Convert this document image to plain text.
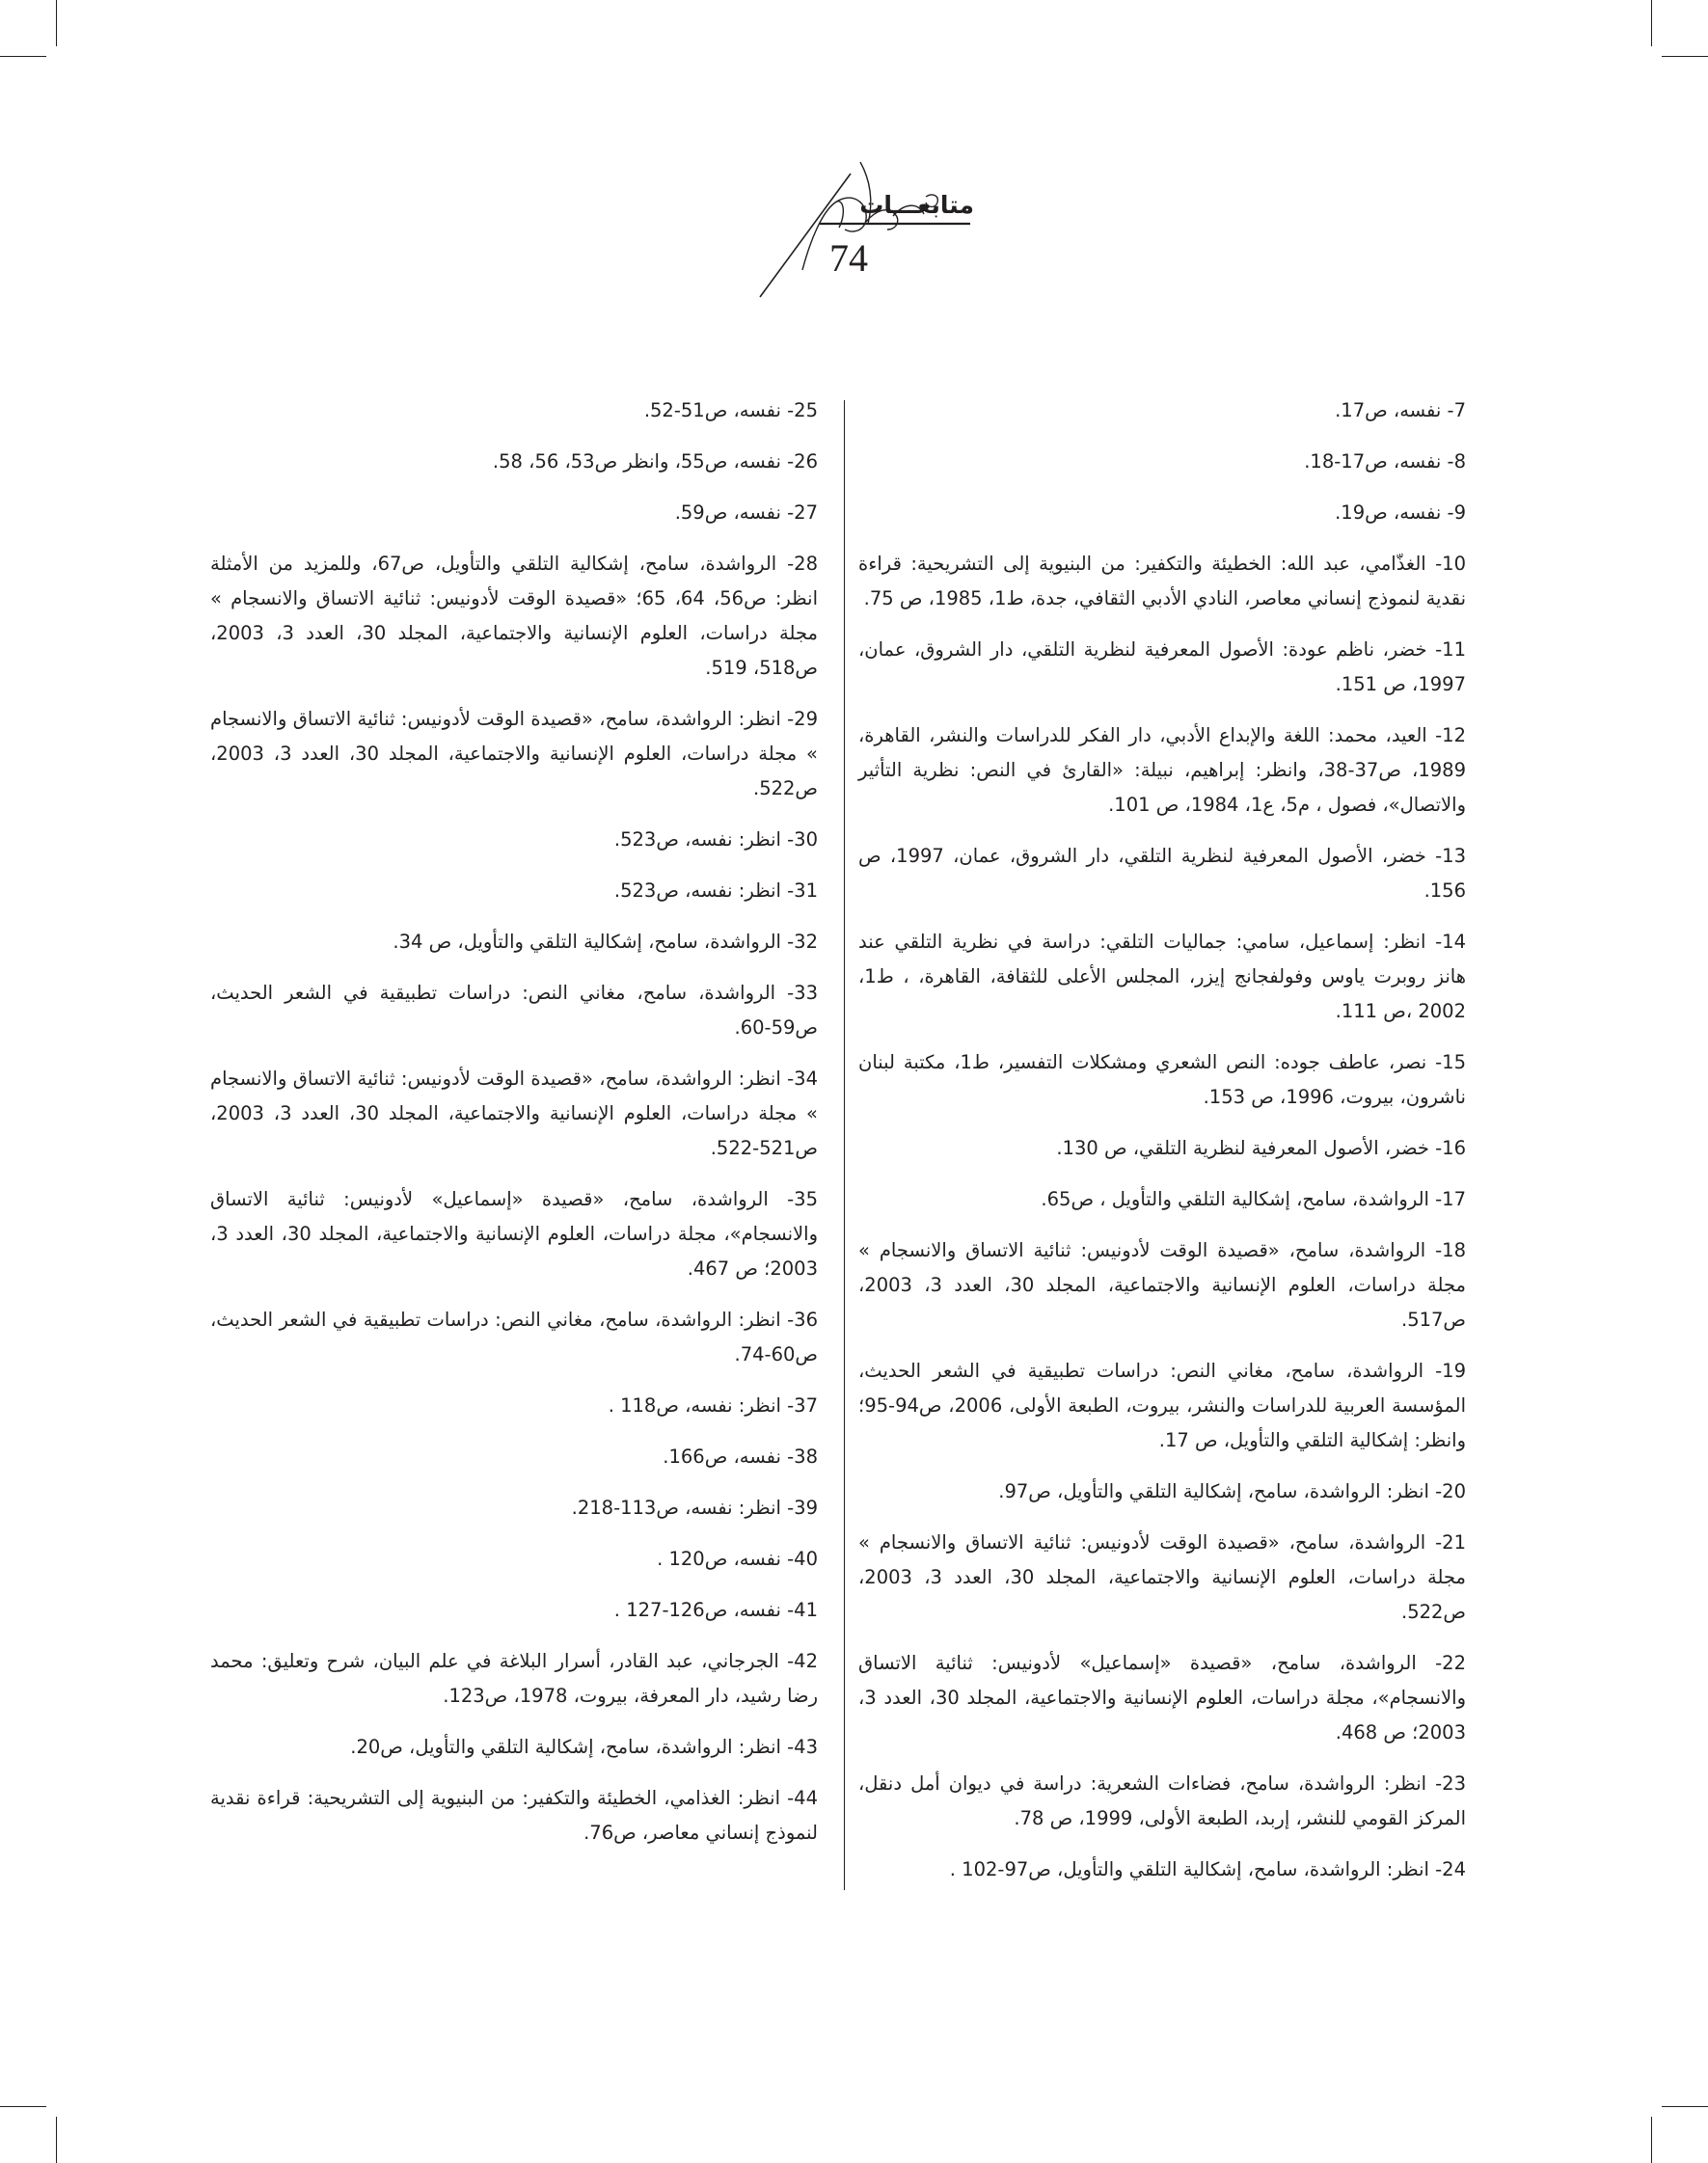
متابعـــات
74

7- نفسه، ص17.

8- نفسه، ص17-18.

9- نفسه، ص19.

10- الغذّامي، عبد الله: الخطيئة والتكفير: من البنيوية إلى التشريحية: قراءة نقدية لنموذج إنساني معاصر، النادي الأدبي الثقافي، جدة، ط1، 1985، ص 75.

11- خضر، ناظم عودة: الأصول المعرفية لنظرية التلقي، دار الشروق، عمان، 1997، ص 151.

12- العيد، محمد: اللغة والإبداع الأدبي، دار الفكر للدراسات والنشر، القاهرة، 1989، ص37-38، وانظر: إبراهيم، نبيلة: «القارئ في النص: نظرية التأثير والاتصال»، فصول ، م5، ع1، 1984، ص 101.

13- خضر، الأصول المعرفية لنظرية التلقي، دار الشروق، عمان، 1997، ص 156.

14- انظر: إسماعيل، سامي: جماليات التلقي: دراسة في نظرية التلقي عند هانز روبرت ياوس وفولفجانج إيزر، المجلس الأعلى للثقافة، القاهرة، ، ط1، 2002 ،ص 111.

15- نصر، عاطف جوده: النص الشعري ومشكلات التفسير، ط1، مكتبة لبنان ناشرون، بيروت، 1996، ص 153.

16- خضر، الأصول المعرفية لنظرية التلقي، ص 130.

17- الرواشدة، سامح، إشكالية التلقي والتأويل ، ص65.

18- الرواشدة، سامح، «قصيدة الوقت لأدونيس: ثنائية الاتساق والانسجام » مجلة دراسات، العلوم الإنسانية والاجتماعية، المجلد 30، العدد 3، 2003، ص517.

19- الرواشدة، سامح، مغاني النص: دراسات تطبيقية في الشعر الحديث، المؤسسة العربية للدراسات والنشر، بيروت، الطبعة الأولى، 2006، ص94-95؛ وانظر: إشكالية التلقي والتأويل، ص 17.

20- انظر: الرواشدة، سامح، إشكالية التلقي والتأويل، ص97.

21- الرواشدة، سامح، «قصيدة الوقت لأدونيس: ثنائية الاتساق والانسجام » مجلة دراسات، العلوم الإنسانية والاجتماعية، المجلد 30، العدد 3، 2003، ص522.

22- الرواشدة، سامح، «قصيدة «إسماعيل» لأدونيس: ثنائية الاتساق والانسجام»، مجلة دراسات، العلوم الإنسانية والاجتماعية، المجلد 30، العدد 3، 2003؛ ص 468.

23- انظر: الرواشدة، سامح، فضاءات الشعرية: دراسة في ديوان أمل دنقل، المركز القومي للنشر، إربد، الطبعة الأولى، 1999، ص 78.

24- انظر: الرواشدة، سامح، إشكالية التلقي والتأويل، ص97-102 .

25- نفسه، ص51-52.

26- نفسه، ص55، وانظر ص53، 56، 58.

27- نفسه، ص59.

28- الرواشدة، سامح، إشكالية التلقي والتأويل، ص67، وللمزيد من الأمثلة انظر: ص56، 64، 65؛ «قصيدة الوقت لأدونيس: ثنائية الاتساق والانسجام » مجلة دراسات، العلوم الإنسانية والاجتماعية، المجلد 30، العدد 3، 2003، ص518، 519.

29- انظر: الرواشدة، سامح، «قصيدة الوقت لأدونيس: ثنائية الاتساق والانسجام » مجلة دراسات، العلوم الإنسانية والاجتماعية، المجلد 30، العدد 3، 2003، ص522.

30- انظر: نفسه، ص523.

31- انظر: نفسه، ص523.

32- الرواشدة، سامح، إشكالية التلقي والتأويل، ص 34.

33- الرواشدة، سامح، مغاني النص: دراسات تطبيقية في الشعر الحديث، ص59-60.

34- انظر: الرواشدة، سامح، «قصيدة الوقت لأدونيس: ثنائية الاتساق والانسجام » مجلة دراسات، العلوم الإنسانية والاجتماعية، المجلد 30، العدد 3، 2003، ص521-522.

35- الرواشدة، سامح، «قصيدة «إسماعيل» لأدونيس: ثنائية الاتساق والانسجام»، مجلة دراسات، العلوم الإنسانية والاجتماعية، المجلد 30، العدد 3، 2003؛ ص 467.

36- انظر: الرواشدة، سامح، مغاني النص: دراسات تطبيقية في الشعر الحديث، ص60-74.

37- انظر: نفسه، ص118 .

38- نفسه، ص166.

39- انظر: نفسه، ص113-218.

40- نفسه، ص120 .

41- نفسه، ص126-127 .

42- الجرجاني، عبد القادر، أسرار البلاغة في علم البيان، شرح وتعليق: محمد رضا رشيد، دار المعرفة، بيروت، 1978، ص123.

43- انظر: الرواشدة، سامح، إشكالية التلقي والتأويل، ص20.

44- انظر: الغذامي، الخطيئة والتكفير: من البنيوية إلى التشريحية: قراءة نقدية لنموذج إنساني معاصر، ص76.
